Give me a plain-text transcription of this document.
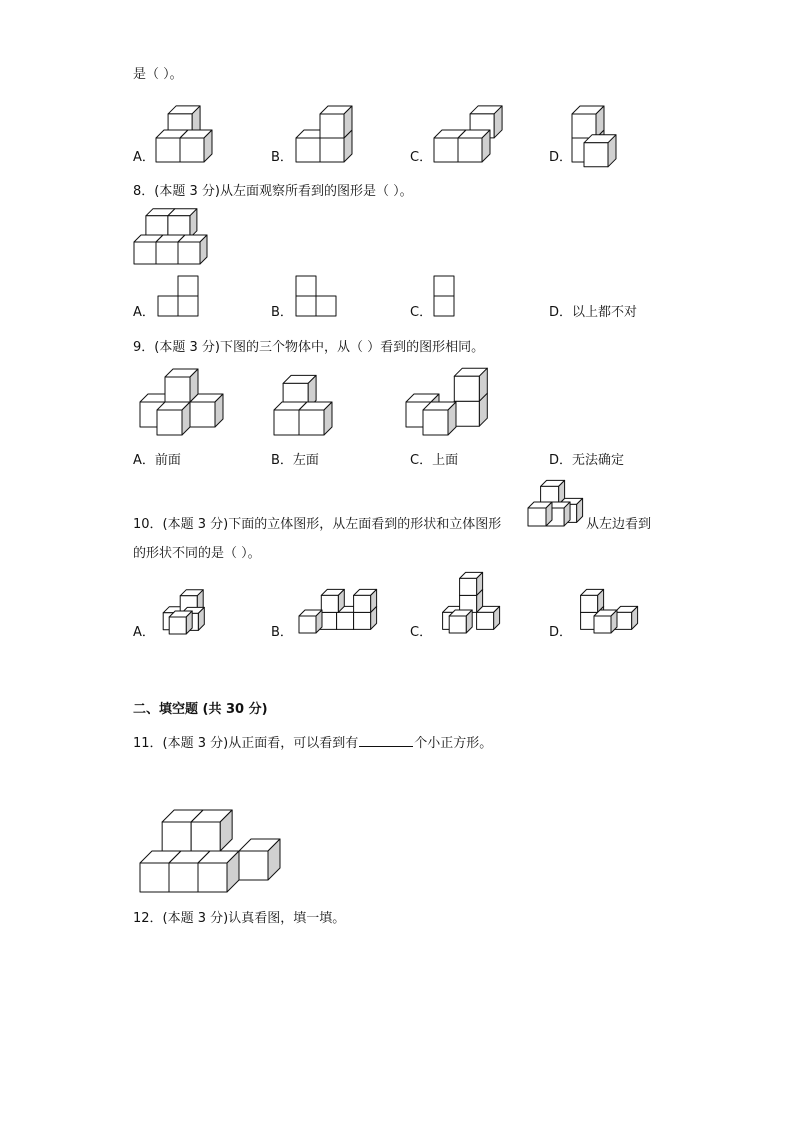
是（ ）。
A．	B．	C．	D．
8．(本题 3 分)从左面观察所看到的图形是（ ）。
A．	B．	C．	D．以上都不对
9．(本题 3 分)下图的三个物体中，从（ ）看到的图形相同。
A．前面	B．左面	C．上面	D．无法确定
10．(本题 3 分)下面的立体图形，从左面看到的形状和立体图形	从左边看到
的形状不同的是（ ）。
A．	B．	C．	D．
二、填空题 (共 30 分)
11．(本题 3 分)从正面看，可以看到有	个小正方形。
12．(本题 3 分)认真看图，填一填。
